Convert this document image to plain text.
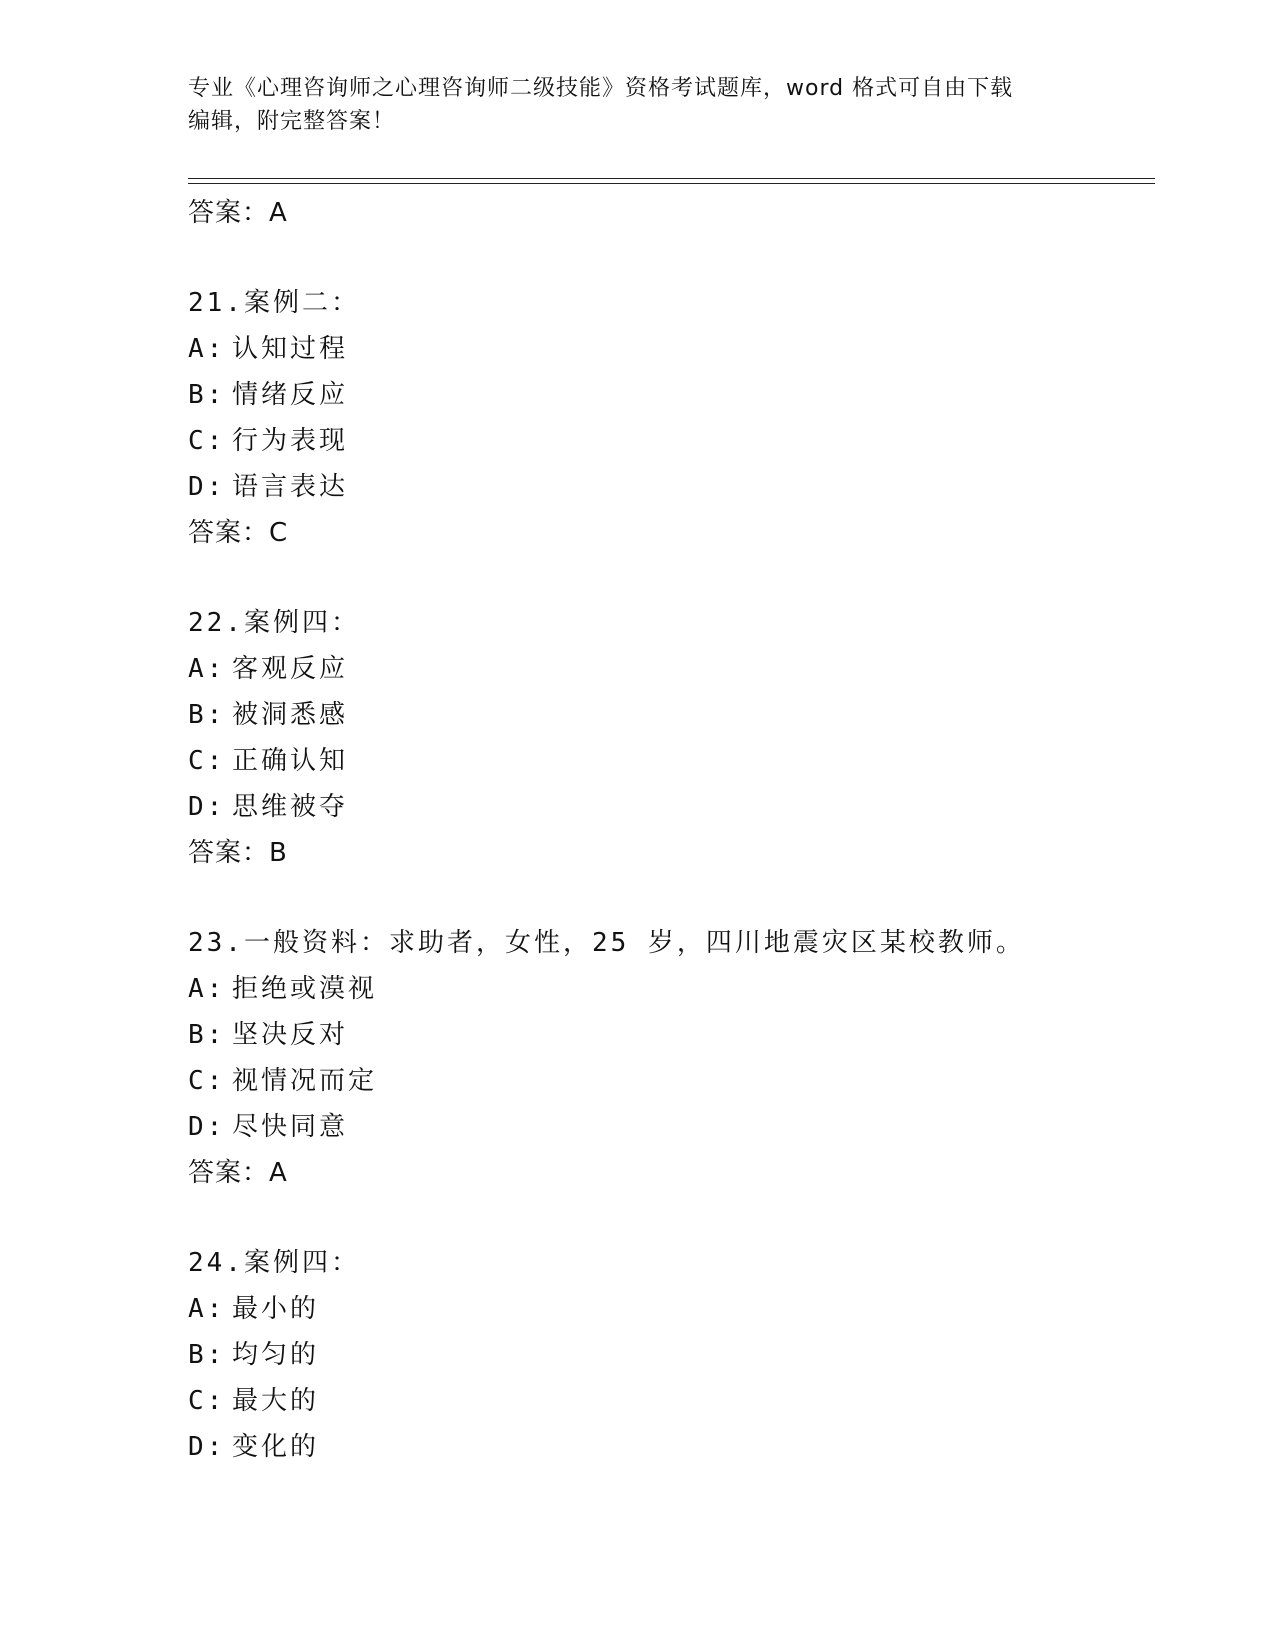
专业《心理咨询师之心理咨询师二级技能》资格考试题库，word 格式可自由下载
编辑，附完整答案！
答案：A
21.案例二：
A: 认知过程
B: 情绪反应
C: 行为表现
D: 语言表达
答案：C
22.案例四：
A: 客观反应
B: 被洞悉感
C: 正确认知
D: 思维被夺
答案：B
23.一般资料：求助者，女性，25 岁，四川地震灾区某校教师。
A: 拒绝或漠视
B: 坚决反对
C: 视情况而定
D: 尽快同意
答案：A
24.案例四：
A: 最小的
B: 均匀的
C: 最大的
D: 变化的
